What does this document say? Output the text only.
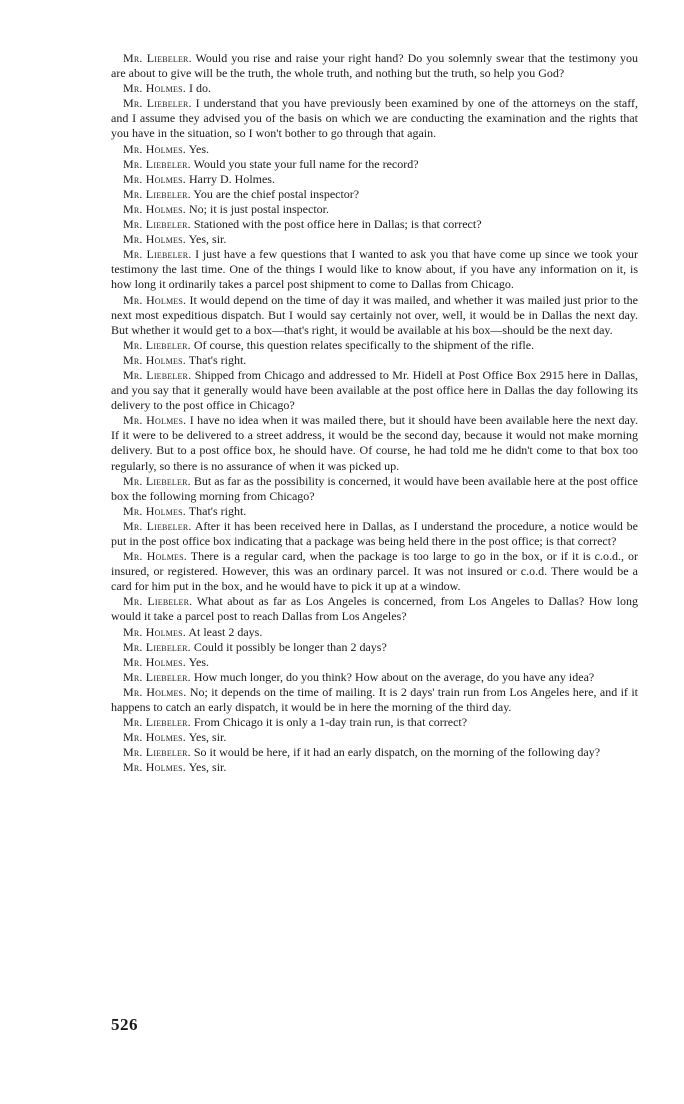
Mr. Liebeler. Would you rise and raise your right hand? Do you solemnly swear that the testimony you are about to give will be the truth, the whole truth, and nothing but the truth, so help you God?

Mr. Holmes. I do.

Mr. Liebeler. I understand that you have previously been examined by one of the attorneys on the staff, and I assume they advised you of the basis on which we are conducting the examination and the rights that you have in the situation, so I won't bother to go through that again.

Mr. Holmes. Yes.

Mr. Liebeler. Would you state your full name for the record?

Mr. Holmes. Harry D. Holmes.

Mr. Liebeler. You are the chief postal inspector?

Mr. Holmes. No; it is just postal inspector.

Mr. Liebeler. Stationed with the post office here in Dallas; is that correct?

Mr. Holmes. Yes, sir.

Mr. Liebeler. I just have a few questions that I wanted to ask you that have come up since we took your testimony the last time. One of the things I would like to know about, if you have any information on it, is how long it ordinarily takes a parcel post shipment to come to Dallas from Chicago.

Mr. Holmes. It would depend on the time of day it was mailed, and whether it was mailed just prior to the next most expeditious dispatch. But I would say certainly not over, well, it would be in Dallas the next day. But whether it would get to a box—that's right, it would be available at his box—should be the next day.

Mr. Liebeler. Of course, this question relates specifically to the shipment of the rifle.

Mr. Holmes. That's right.

Mr. Liebeler. Shipped from Chicago and addressed to Mr. Hidell at Post Office Box 2915 here in Dallas, and you say that it generally would have been available at the post office here in Dallas the day following its delivery to the post office in Chicago?

Mr. Holmes. I have no idea when it was mailed there, but it should have been available here the next day. If it were to be delivered to a street address, it would be the second day, because it would not make morning delivery. But to a post office box, he should have. Of course, he had told me he didn't come to that box too regularly, so there is no assurance of when it was picked up.

Mr. Liebeler. But as far as the possibility is concerned, it would have been available here at the post office box the following morning from Chicago?

Mr. Holmes. That's right.

Mr. Liebeler. After it has been received here in Dallas, as I understand the procedure, a notice would be put in the post office box indicating that a package was being held there in the post office; is that correct?

Mr. Holmes. There is a regular card, when the package is too large to go in the box, or if it is c.o.d., or insured, or registered. However, this was an ordinary parcel. It was not insured or c.o.d. There would be a card for him put in the box, and he would have to pick it up at a window.

Mr. Liebeler. What about as far as Los Angeles is concerned, from Los Angeles to Dallas? How long would it take a parcel post to reach Dallas from Los Angeles?

Mr. Holmes. At least 2 days.

Mr. Liebeler. Could it possibly be longer than 2 days?

Mr. Holmes. Yes.

Mr. Liebeler. How much longer, do you think? How about on the average, do you have any idea?

Mr. Holmes. No; it depends on the time of mailing. It is 2 days' train run from Los Angeles here, and if it happens to catch an early dispatch, it would be in here the morning of the third day.

Mr. Liebeler. From Chicago it is only a 1-day train run, is that correct?

Mr. Holmes. Yes, sir.

Mr. Liebeler. So it would be here, if it had an early dispatch, on the morning of the following day?

Mr. Holmes. Yes, sir.

526
